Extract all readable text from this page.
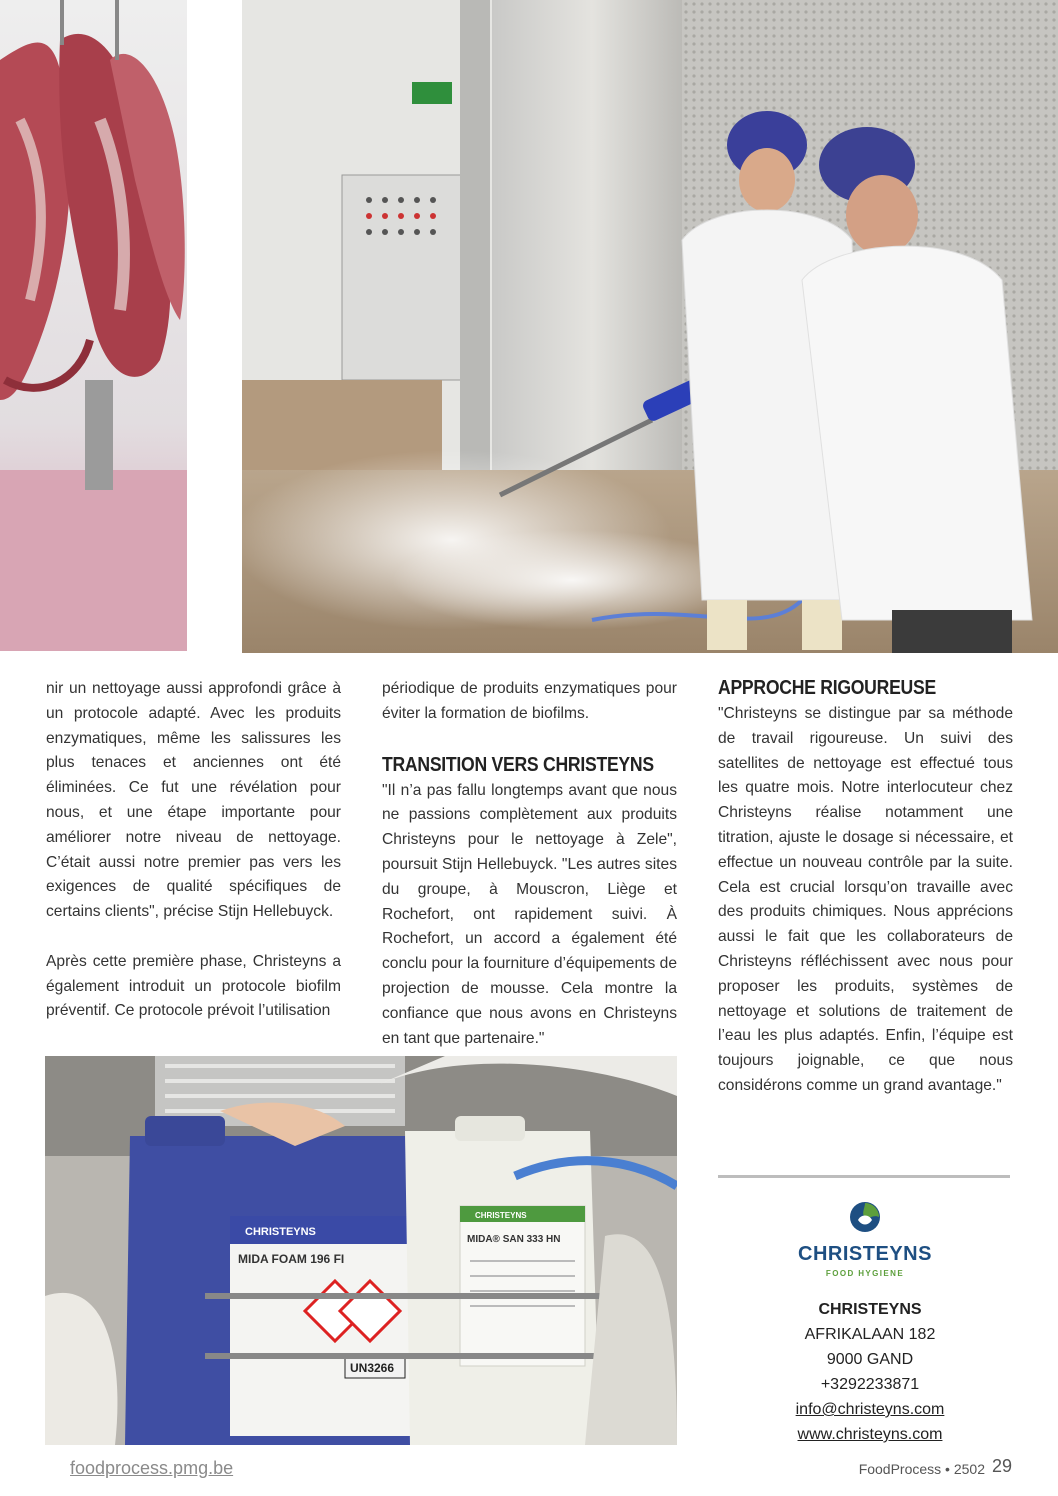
nir un nettoyage aussi approfondi grâce à un protocole adapté. Avec les produits enzymatiques, même les salissures les plus tenaces et anciennes ont été éliminées. Ce fut une révélation pour nous, et une étape importante pour améliorer notre niveau de nettoyage. C’était aussi notre premier pas vers les exigences de qualité spécifiques de certains clients", précise Stijn Hellebuyck.

Après cette première phase, Christeyns a également introduit un protocole biofilm préventif. Ce protocole prévoit l’utilisation

périodique de produits enzymatiques pour éviter la formation de biofilms.

TRANSITION VERS CHRISTEYNS

"Il n’a pas fallu longtemps avant que nous ne passions complètement aux produits Christeyns pour le nettoyage à Zele", poursuit Stijn Hellebuyck. "Les autres sites du groupe, à Mouscron, Liège et Rochefort, ont rapidement suivi. À Rochefort, un accord a également été conclu pour la fourniture d’équipements de projection de mousse. Cela montre la confiance que nous avons en Christeyns en tant que partenaire."

APPROCHE RIGOUREUSE

"Christeyns se distingue par sa méthode de travail rigoureuse. Un suivi des satellites de nettoyage est effectué tous les quatre mois. Notre interlocuteur chez Christeyns réalise notamment une titration, ajuste le dosage si nécessaire, et effectue un nouveau contrôle par la suite. Cela est crucial lorsqu’on travaille avec des produits chimiques. Nous apprécions aussi le fait que les collaborateurs de Christeyns réfléchissent avec nous pour proposer les produits, systèmes de nettoyage et solutions de traitement de l’eau les plus adaptés. Enfin, l’équipe est toujours joignable, ce que nous considérons comme un grand avantage."

CHRISTEYNS
MIDA FOAM 196 FI
UN3266
CHRISTEYNS
MIDA® SAN 333 HN
CHRISTEYNS
FOOD HYGIENE
CHRISTEYNS
AFRIKALAAN 182
9000 GAND
+3292233871
info@christeyns.com
www.christeyns.com
foodprocess.pmg.be	FoodProcess • 2502 29
